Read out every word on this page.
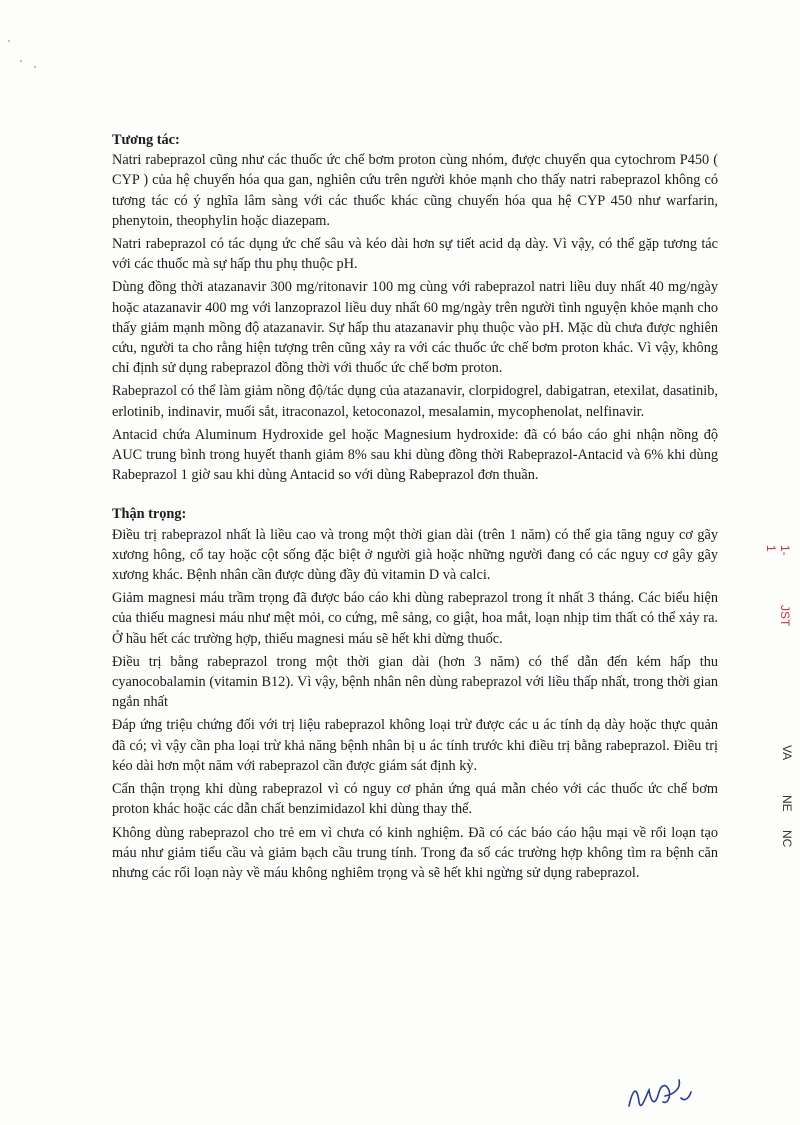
Tương tác:

Natri rabeprazol cũng như các thuốc ức chế bơm proton cùng nhóm, được chuyển qua cytochrom P450 ( CYP ) của hệ chuyển hóa qua gan, nghiên cứu trên người khỏe mạnh cho thấy natri rabeprazol không có tương tác có ý nghĩa lâm sàng với các thuốc khác cũng chuyển hóa qua hệ CYP 450 như warfarin, phenytoin, theophylin hoặc diazepam.

Natri rabeprazol có tác dụng ức chế sâu và kéo dài hơn sự tiết acid dạ dày. Vì vậy, có thể gặp tương tác với các thuốc mà sự hấp thu phụ thuộc pH.

Dùng đồng thời atazanavir 300 mg/ritonavir 100 mg cùng với rabeprazol natri liều duy nhất 40 mg/ngày hoặc atazanavir 400 mg với lanzoprazol liều duy nhất 60 mg/ngày trên người tình nguyện khỏe mạnh cho thấy giảm mạnh mồng độ atazanavir. Sự hấp thu atazanavir phụ thuộc vào pH. Mặc dù chưa được nghiên cứu, người ta cho rằng hiện tượng trên cũng xảy ra với các thuốc ức chế bơm proton khác. Vì vậy, không chỉ định sử dụng rabeprazol đồng thời với thuốc ức chế bơm proton.

Rabeprazol có thể làm giảm nồng độ/tác dụng của atazanavir, clorpidogrel, dabigatran, etexilat, dasatinib, erlotinib, indinavir, muối sắt, itraconazol, ketoconazol, mesalamin, mycophenolat, nelfinavir.

Antacid chứa Aluminum Hydroxide gel hoặc Magnesium hydroxide: đã có báo cáo ghi nhận nồng độ AUC trung bình trong huyết thanh giảm 8% sau khi dùng đồng thời Rabeprazol-Antacid và 6% khi dùng Rabeprazol 1 giờ sau khi dùng Antacid so với dùng Rabeprazol đơn thuần.

Thận trọng:

Điều trị rabeprazol nhất là liều cao và trong một thời gian dài (trên 1 năm) có thể gia tăng nguy cơ gãy xương hông, cổ tay hoặc cột sống đặc biệt ở người già hoặc những người đang có các nguy cơ gây gãy xương khác. Bệnh nhân cần được dùng đầy đủ vitamin D và calci.

Giảm magnesi máu trầm trọng đã được báo cáo khi dùng rabeprazol trong ít nhất 3 tháng. Các biểu hiện của thiếu magnesi máu như mệt mỏi, co cứng, mê sảng, co giật, hoa mắt, loạn nhịp tim thất có thể xảy ra. Ở hầu hết các trường hợp, thiếu magnesi máu sẽ hết khi dừng thuốc.

Điều trị bằng rabeprazol trong một thời gian dài (hơn 3 năm) có thể dẫn đến kém hấp thu cyanocobalamin (vitamin B12). Vì vậy, bệnh nhân nên dùng rabeprazol với liều thấp nhất, trong thời gian ngắn nhất

Đáp ứng triệu chứng đối với trị liệu rabeprazol không loại trừ được các u ác tính dạ dày hoặc thực quản đã có; vì vậy cần pha loại trừ khả năng bệnh nhân bị u ác tính trước khi điều trị bằng rabeprazol. Điều trị kéo dài hơn một năm với rabeprazol cần được giám sát định kỳ.

Cẩn thận trọng khi dùng rabeprazol vì có nguy cơ phản ứng quá mẫn chéo với các thuốc ức chế bơm proton khác hoặc các dẫn chất benzimidazol khi dùng thay thế.

Không dùng rabeprazol cho trẻ em vì chưa có kinh nghiệm. Đã có các báo cáo hậu mại về rối loạn tạo máu như giảm tiểu cầu và giảm bạch cầu trung tính. Trong đa số các trường hợp không tìm ra bệnh căn nhưng các rối loạn này về máu không nghiêm trọng và sẽ hết khi ngừng sử dụng rabeprazol.

1-1
JST
VA
NE
NC
